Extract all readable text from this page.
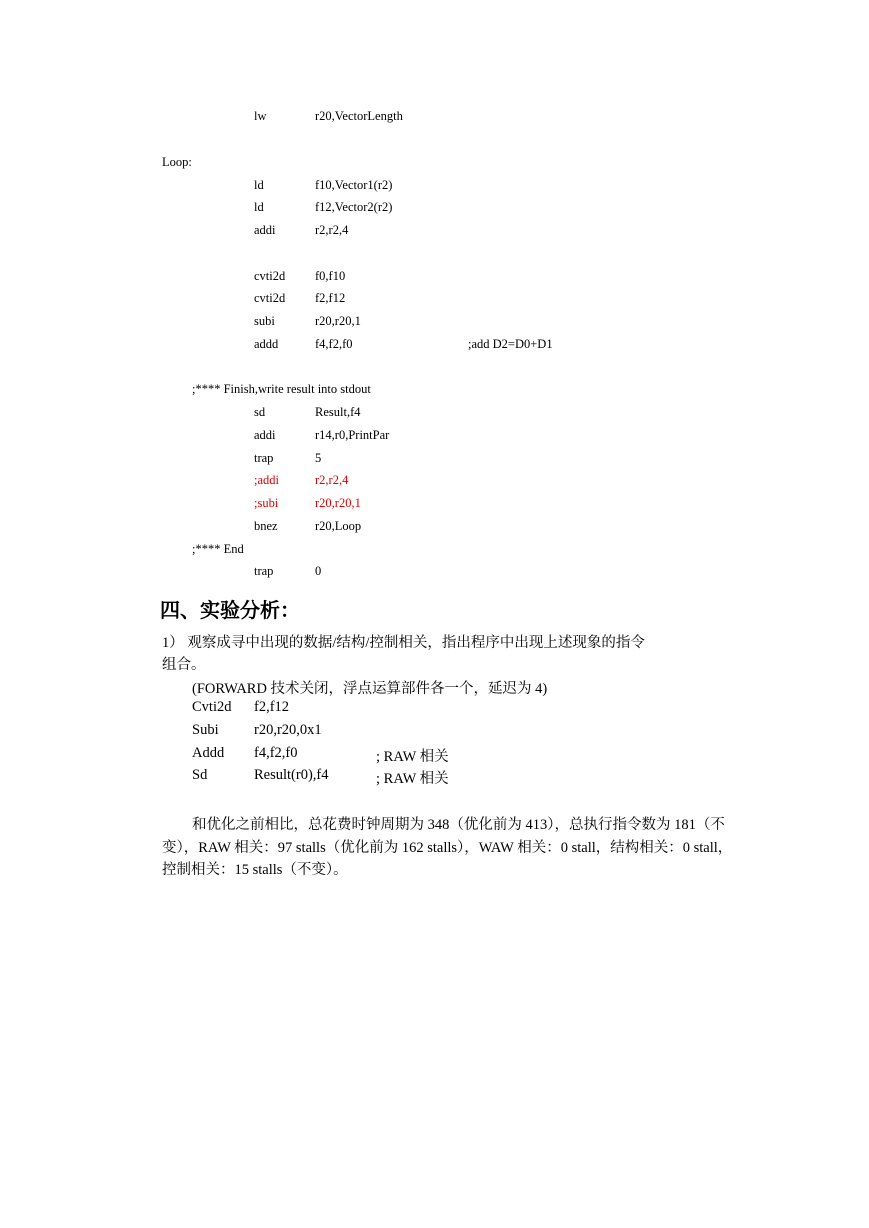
lw	r20,VectorLength
Loop:
ld	f10,Vector1(r2)
ld	f12,Vector2(r2)
addi	r2,r2,4
cvti2d f0,f10
cvti2d f2,f12
subi	r20,r20,1
addd	f4,f2,f0	;add D2=D0+D1
;**** Finish,write result into stdout
sd	Result,f4
addi	r14,r0,PrintPar
trap	5
;addi	r2,r2,4
;subi	r20,r20,1
bnez	r20,Loop
;**** End
trap	0
四、实验分析：
1） 观察成寻中出现的数据/结构/控制相关，指出程序中出现上述现象的指令
组合。
(FORWARD 技术关闭，浮点运算部件各一个，延迟为 4)
Cvti2d f2,f12
Subi r20,r20,0x1
Addd f4,f2,f0	; RAW 相关
Sd	Result(r0),f4	; RAW 相关
和优化之前相比，总花费时钟周期为 348（优化前为 413），总执行指令数为 181（不
变），RAW 相关：97 stalls（优化前为 162 stalls），WAW 相关：0 stall，结构相关：0 stall，
控制相关：15 stalls（不变）。
